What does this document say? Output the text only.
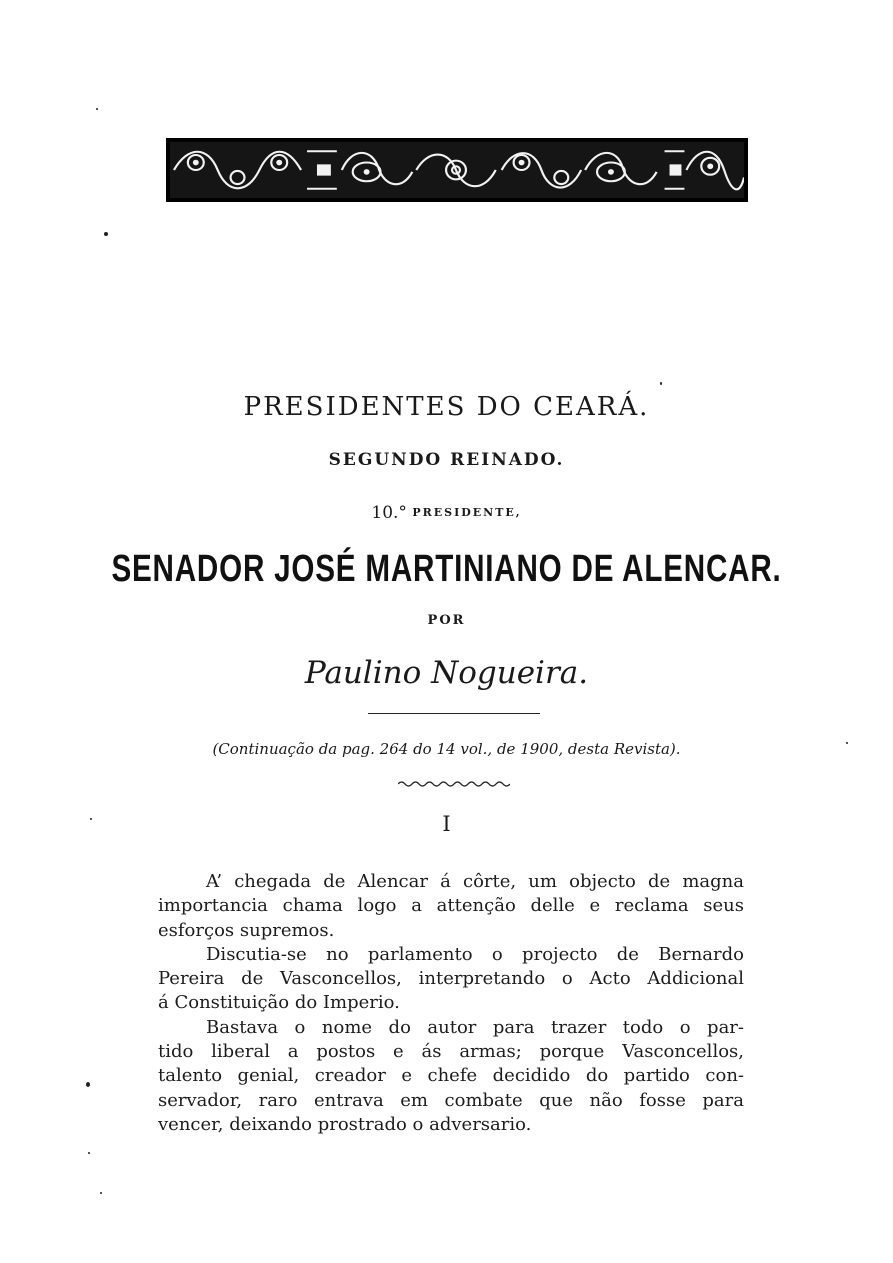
PRESIDENTES DO CEARÁ.
SEGUNDO REINADO.
10.° PRESIDENTE,
SENADOR JOSÉ MARTINIANO DE ALENCAR.
POR
Paulino Nogueira.
(Continuação da pag. 264 do 14 vol., de 1900, desta Revista).
I
A’ chegada de Alencar á côrte, um objecto de magna
importancia chama logo a attenção delle e reclama seus
esforços supremos.
Discutia-se no parlamento o projecto de Bernardo
Pereira de Vasconcellos, interpretando o Acto Addicional
á Constituição do Imperio.
Bastava o nome do autor para trazer todo o par-
tido liberal a postos e ás armas; porque Vasconcellos,
talento genial, creador e chefe decidido do partido con-
servador, raro entrava em combate que não fosse para
vencer, deixando prostrado o adversario.
